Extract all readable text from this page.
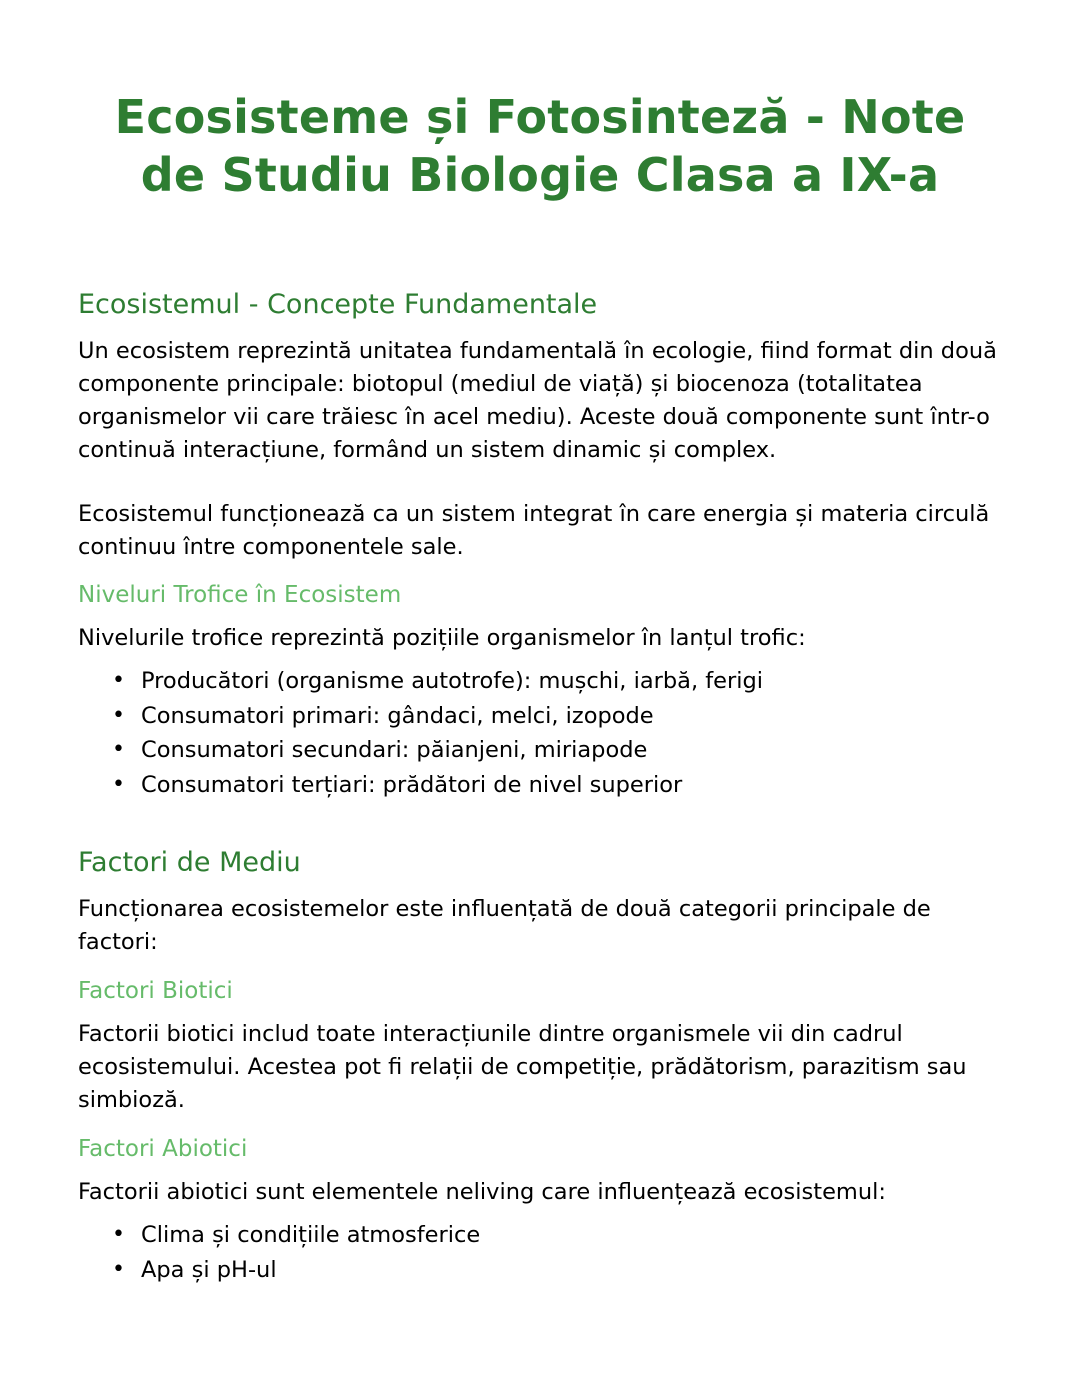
Ecosisteme și Fotosinteză - Note de Studiu Biologie Clasa a IX-a
Ecosistemul - Concepte Fundamentale

Un ecosistem reprezintă unitatea fundamentală în ecologie, fiind format din două componente principale: biotopul (mediul de viață) și biocenoza (totalitatea organismelor vii care trăiesc în acel mediu). Aceste două componente sunt într-o continuă interacțiune, formând un sistem dinamic și complex.

Ecosistemul funcționează ca un sistem integrat în care energia și materia circulă continuu între componentele sale.

Niveluri Trofice în Ecosistem

Nivelurile trofice reprezintă pozițiile organismelor în lanțul trofic:

• Producători (organisme autotrofe): mușchi, iarbă, ferigi
• Consumatori primari: gândaci, melci, izopode
• Consumatori secundari: păianjeni, miriapode
• Consumatori terțiari: prădători de nivel superior
Factori de Mediu

Funcționarea ecosistemelor este influențată de două categorii principale de factori:

Factori Biotici

Factorii biotici includ toate interacțiunile dintre organismele vii din cadrul ecosistemului. Acestea pot fi relații de competiție, prădătorism, parazitism sau simbioză.

Factori Abiotici

Factorii abiotici sunt elementele neliving care influențează ecosistemul:

• Clima și condițiile atmosferice
• Apa și pH-ul
